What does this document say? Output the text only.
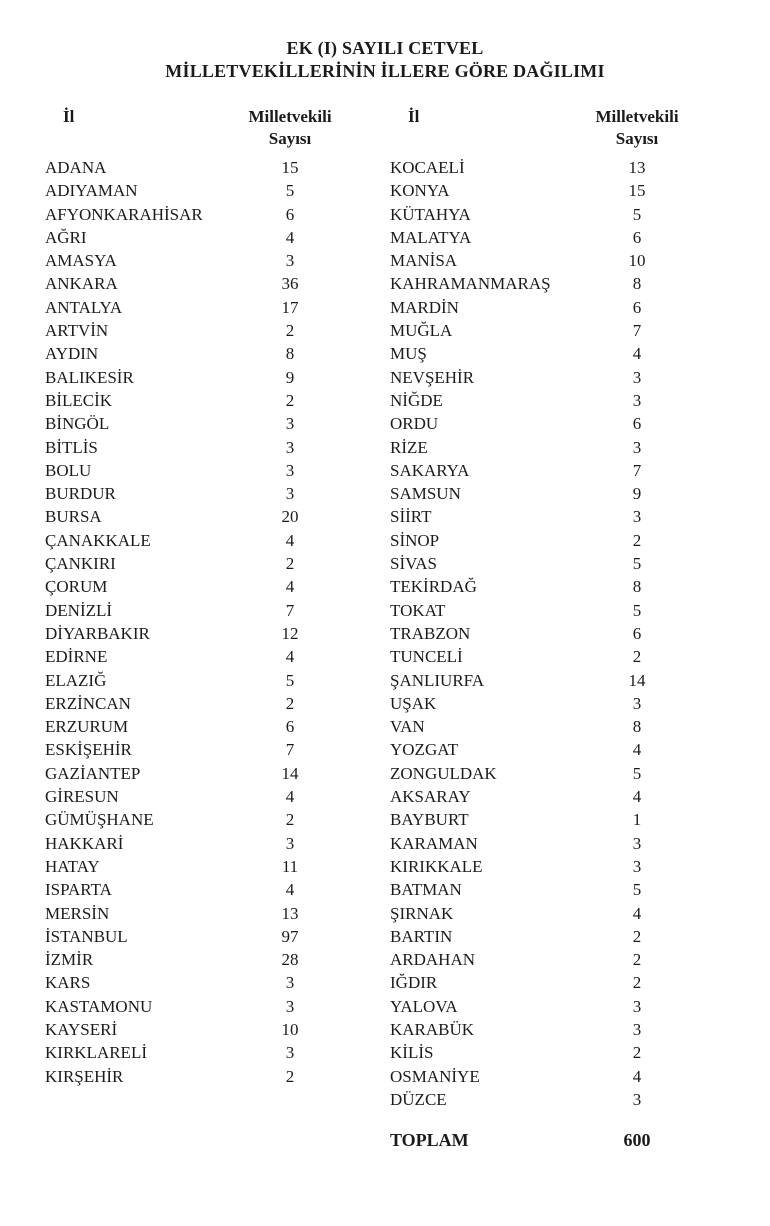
EK (I) SAYILI CETVEL
MİLLETVEKİLLERİNİN İLLERE GÖRE DAĞILIMI
İl	Milletvekili
Sayısı
ADANA	15
ADIYAMAN	5
AFYONKARAHİSAR	6
AĞRI	4
AMASYA	3
ANKARA	36
ANTALYA	17
ARTVİN	2
AYDIN	8
BALIKESİR	9
BİLECİK	2
BİNGÖL	3
BİTLİS	3
BOLU	3
BURDUR	3
BURSA	20
ÇANAKKALE	4
ÇANKIRI	2
ÇORUM	4
DENİZLİ	7
DİYARBAKIR	12
EDİRNE	4
ELAZIĞ	5
ERZİNCAN	2
ERZURUM	6
ESKİŞEHİR	7
GAZİANTEP	14
GİRESUN	4
GÜMÜŞHANE	2
HAKKARİ	3
HATAY	11
ISPARTA	4
MERSİN	13
İSTANBUL	97
İZMİR	28
KARS	3
KASTAMONU	3
KAYSERİ	10
KIRKLARELİ	3
KIRŞEHİR	2
İl	Milletvekili
Sayısı
KOCAELİ	13
KONYA	15
KÜTAHYA	5
MALATYA	6
MANİSA	10
KAHRAMANMARAŞ	8
MARDİN	6
MUĞLA	7
MUŞ	4
NEVŞEHİR	3
NİĞDE	3
ORDU	6
RİZE	3
SAKARYA	7
SAMSUN	9
SİİRT	3
SİNOP	2
SİVAS	5
TEKİRDAĞ	8
TOKAT	5
TRABZON	6
TUNCELİ	2
ŞANLIURFA	14
UŞAK	3
VAN	8
YOZGAT	4
ZONGULDAK	5
AKSARAY	4
BAYBURT	1
KARAMAN	3
KIRIKKALE	3
BATMAN	5
ŞIRNAK	4
BARTIN	2
ARDAHAN	2
IĞDIR	2
YALOVA	3
KARABÜK	3
KİLİS	2
OSMANİYE	4
DÜZCE	3
TOPLAM	600
